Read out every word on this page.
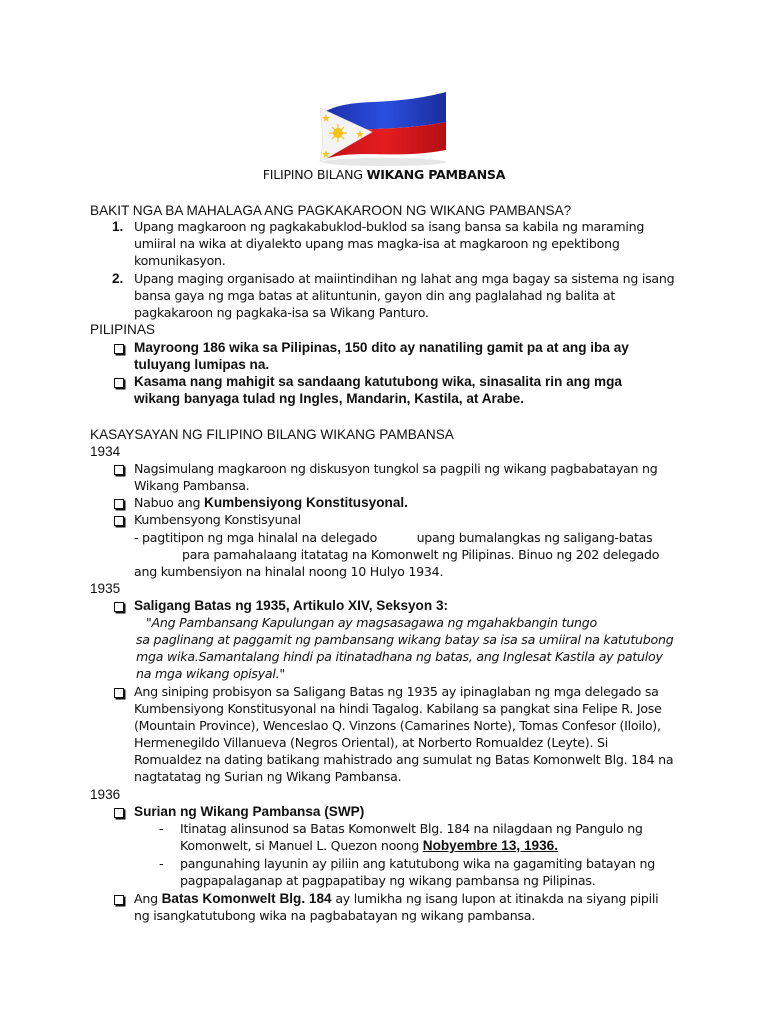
FILIPINO BILANG WIKANG PAMBANSA
BAKIT NGA BA MAHALAGA ANG PAGKAKAROON NG WIKANG PAMBANSA?
1. Upang magkaroon ng pagkakabuklod-buklod sa isang bansa sa kabila ng maraming
umiiral na wika at diyalekto upang mas magka-isa at magkaroon ng epektibong
komunikasyon.
2. Upang maging organisado at maiintindihan ng lahat ang mga bagay sa sistema ng isang
bansa gaya ng mga batas at alituntunin, gayon din ang paglalahad ng balita at
pagkakaroon ng pagkaka-isa sa Wikang Panturo.
PILIPINAS
Mayroong 186 wika sa Pilipinas, 150 dito ay nanatiling gamit pa at ang iba ay
tuluyang lumipas na.
Kasama nang mahigit sa sandaang katutubong wika, sinasalita rin ang mga
wikang banyaga tulad ng Ingles, Mandarin, Kastila, at Arabe.
KASAYSAYAN NG FILIPINO BILANG WIKANG PAMBANSA
1934
Nagsimulang magkaroon ng diskusyon tungkol sa pagpili ng wikang pagbabatayan ng
Wikang Pambansa.
Nabuo ang Kumbensiyong Konstitusyonal.
Kumbensyong Konstisyunal
- pagtitipon ng mga hinalal na delegado	upang bumalangkas ng saligang-batas
para pamahalaang itatatag na Komonwelt ng Pilipinas. Binuo ng 202 delegado
ang kumbensiyon na hinalal noong 10 Hulyo 1934.
1935
Saligang Batas ng 1935, Artikulo XIV, Seksyon 3:
"Ang Pambansang Kapulungan ay magsasagawa ng mgahakbangin tungo
sa paglinang at paggamit ng pambansang wikang batay sa isa sa umiiral na katutubong
mga wika.Samantalang hindi pa itinatadhana ng batas, ang Inglesat Kastila ay patuloy
na mga wikang opisyal."
Ang siniping probisyon sa Saligang Batas ng 1935 ay ipinaglaban ng mga delegado sa
Kumbensiyong Konstitusyonal na hindi Tagalog. Kabilang sa pangkat sina Felipe R. Jose
(Mountain Province), Wenceslao Q. Vinzons (Camarines Norte), Tomas Confesor (Iloilo),
Hermenegildo Villanueva (Negros Oriental), at Norberto Romualdez (Leyte). Si
Romualdez na dating batikang mahistrado ang sumulat ng Batas Komonwelt Blg. 184 na
nagtatatag ng Surian ng Wikang Pambansa.
1936
Surian ng Wikang Pambansa (SWP)
- Itinatag alinsunod sa Batas Komonwelt Blg. 184 na nilagdaan ng Pangulo ng
Komonwelt, si Manuel L. Quezon noong Nobyembre 13, 1936.
- pangunahing layunin ay piliin ang katutubong wika na gagamiting batayan ng
pagpapalaganap at pagpapatibay ng wikang pambansa ng Pilipinas.
Ang Batas Komonwelt Blg. 184 ay lumikha ng isang lupon at itinakda na siyang pipili
ng isangkatutubong wika na pagbabatayan ng wikang pambansa.
